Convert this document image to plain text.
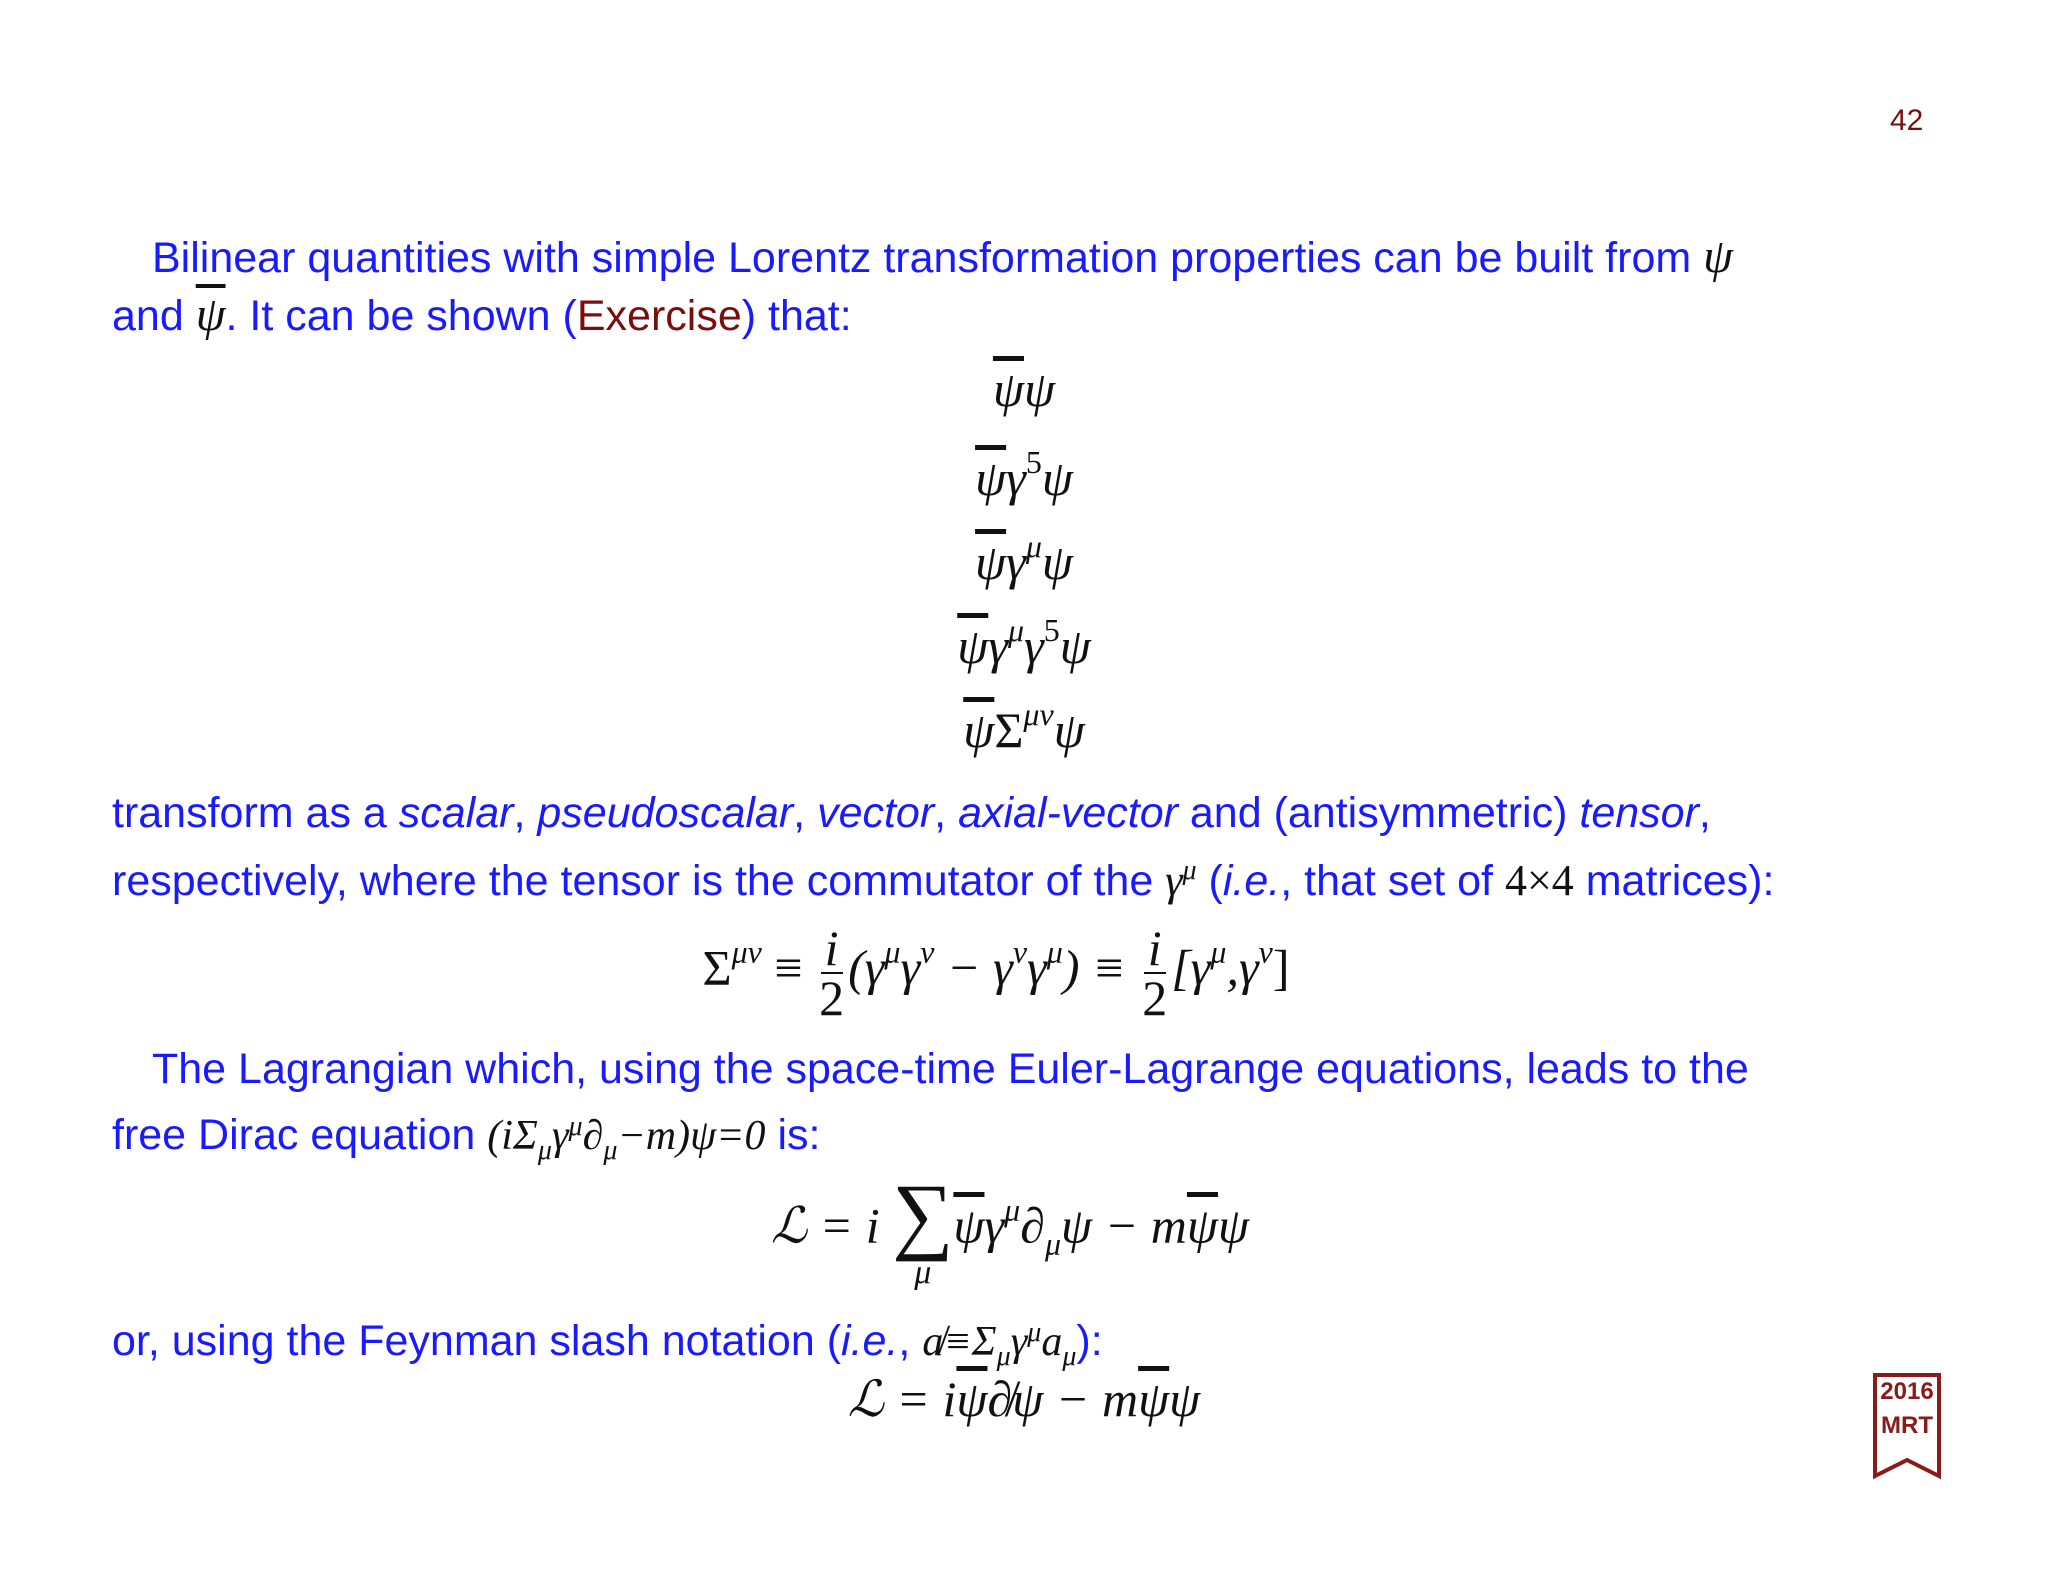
42
Bilinear quantities with simple Lorentz transformation properties can be built from ψ
and $\overline{\psi}$. It can be shown (Exercise) that:
$\overline{\psi}\psi$
$\overline{\psi}\gamma^5\psi$
$\overline{\psi}\gamma^\mu\psi$
$\overline{\psi}\gamma^\mu\gamma^5\psi$
$\overline{\psi}\Sigma^{\mu\nu}\psi$
transform as a scalar, pseudoscalar, vector, axial-vector and (antisymmetric) tensor,
respectively, where the tensor is the commutator of the $\gamma^\mu$ (i.e., that set of 4×4 matrices):
$\Sigma^{\mu\nu} \equiv \frac{i}{2} (\gamma^\mu\gamma^\nu - \gamma^\nu\gamma^\mu) \equiv \frac{i}{2} [\gamma^\mu,\gamma^\nu]$
The Lagrangian which, using the space-time Euler-Lagrange equations, leads to the
free Dirac equation $(i\Sigma_\mu\gamma^\mu\partial_\mu-m)\psi=0$ is:
ℒ = i ∑
μ
$\overline{\psi}\gamma^\mu\partial_\mu\psi - m\overline{\psi}\psi$
or, using the Feynman slash notation (i.e., $a̸\equiv\Sigma_\mu\gamma^\mu a_\mu$):
ℒ = $i\overline{\psi}\partial̸\psi - m\overline{\psi}\psi$	2016
MRT
